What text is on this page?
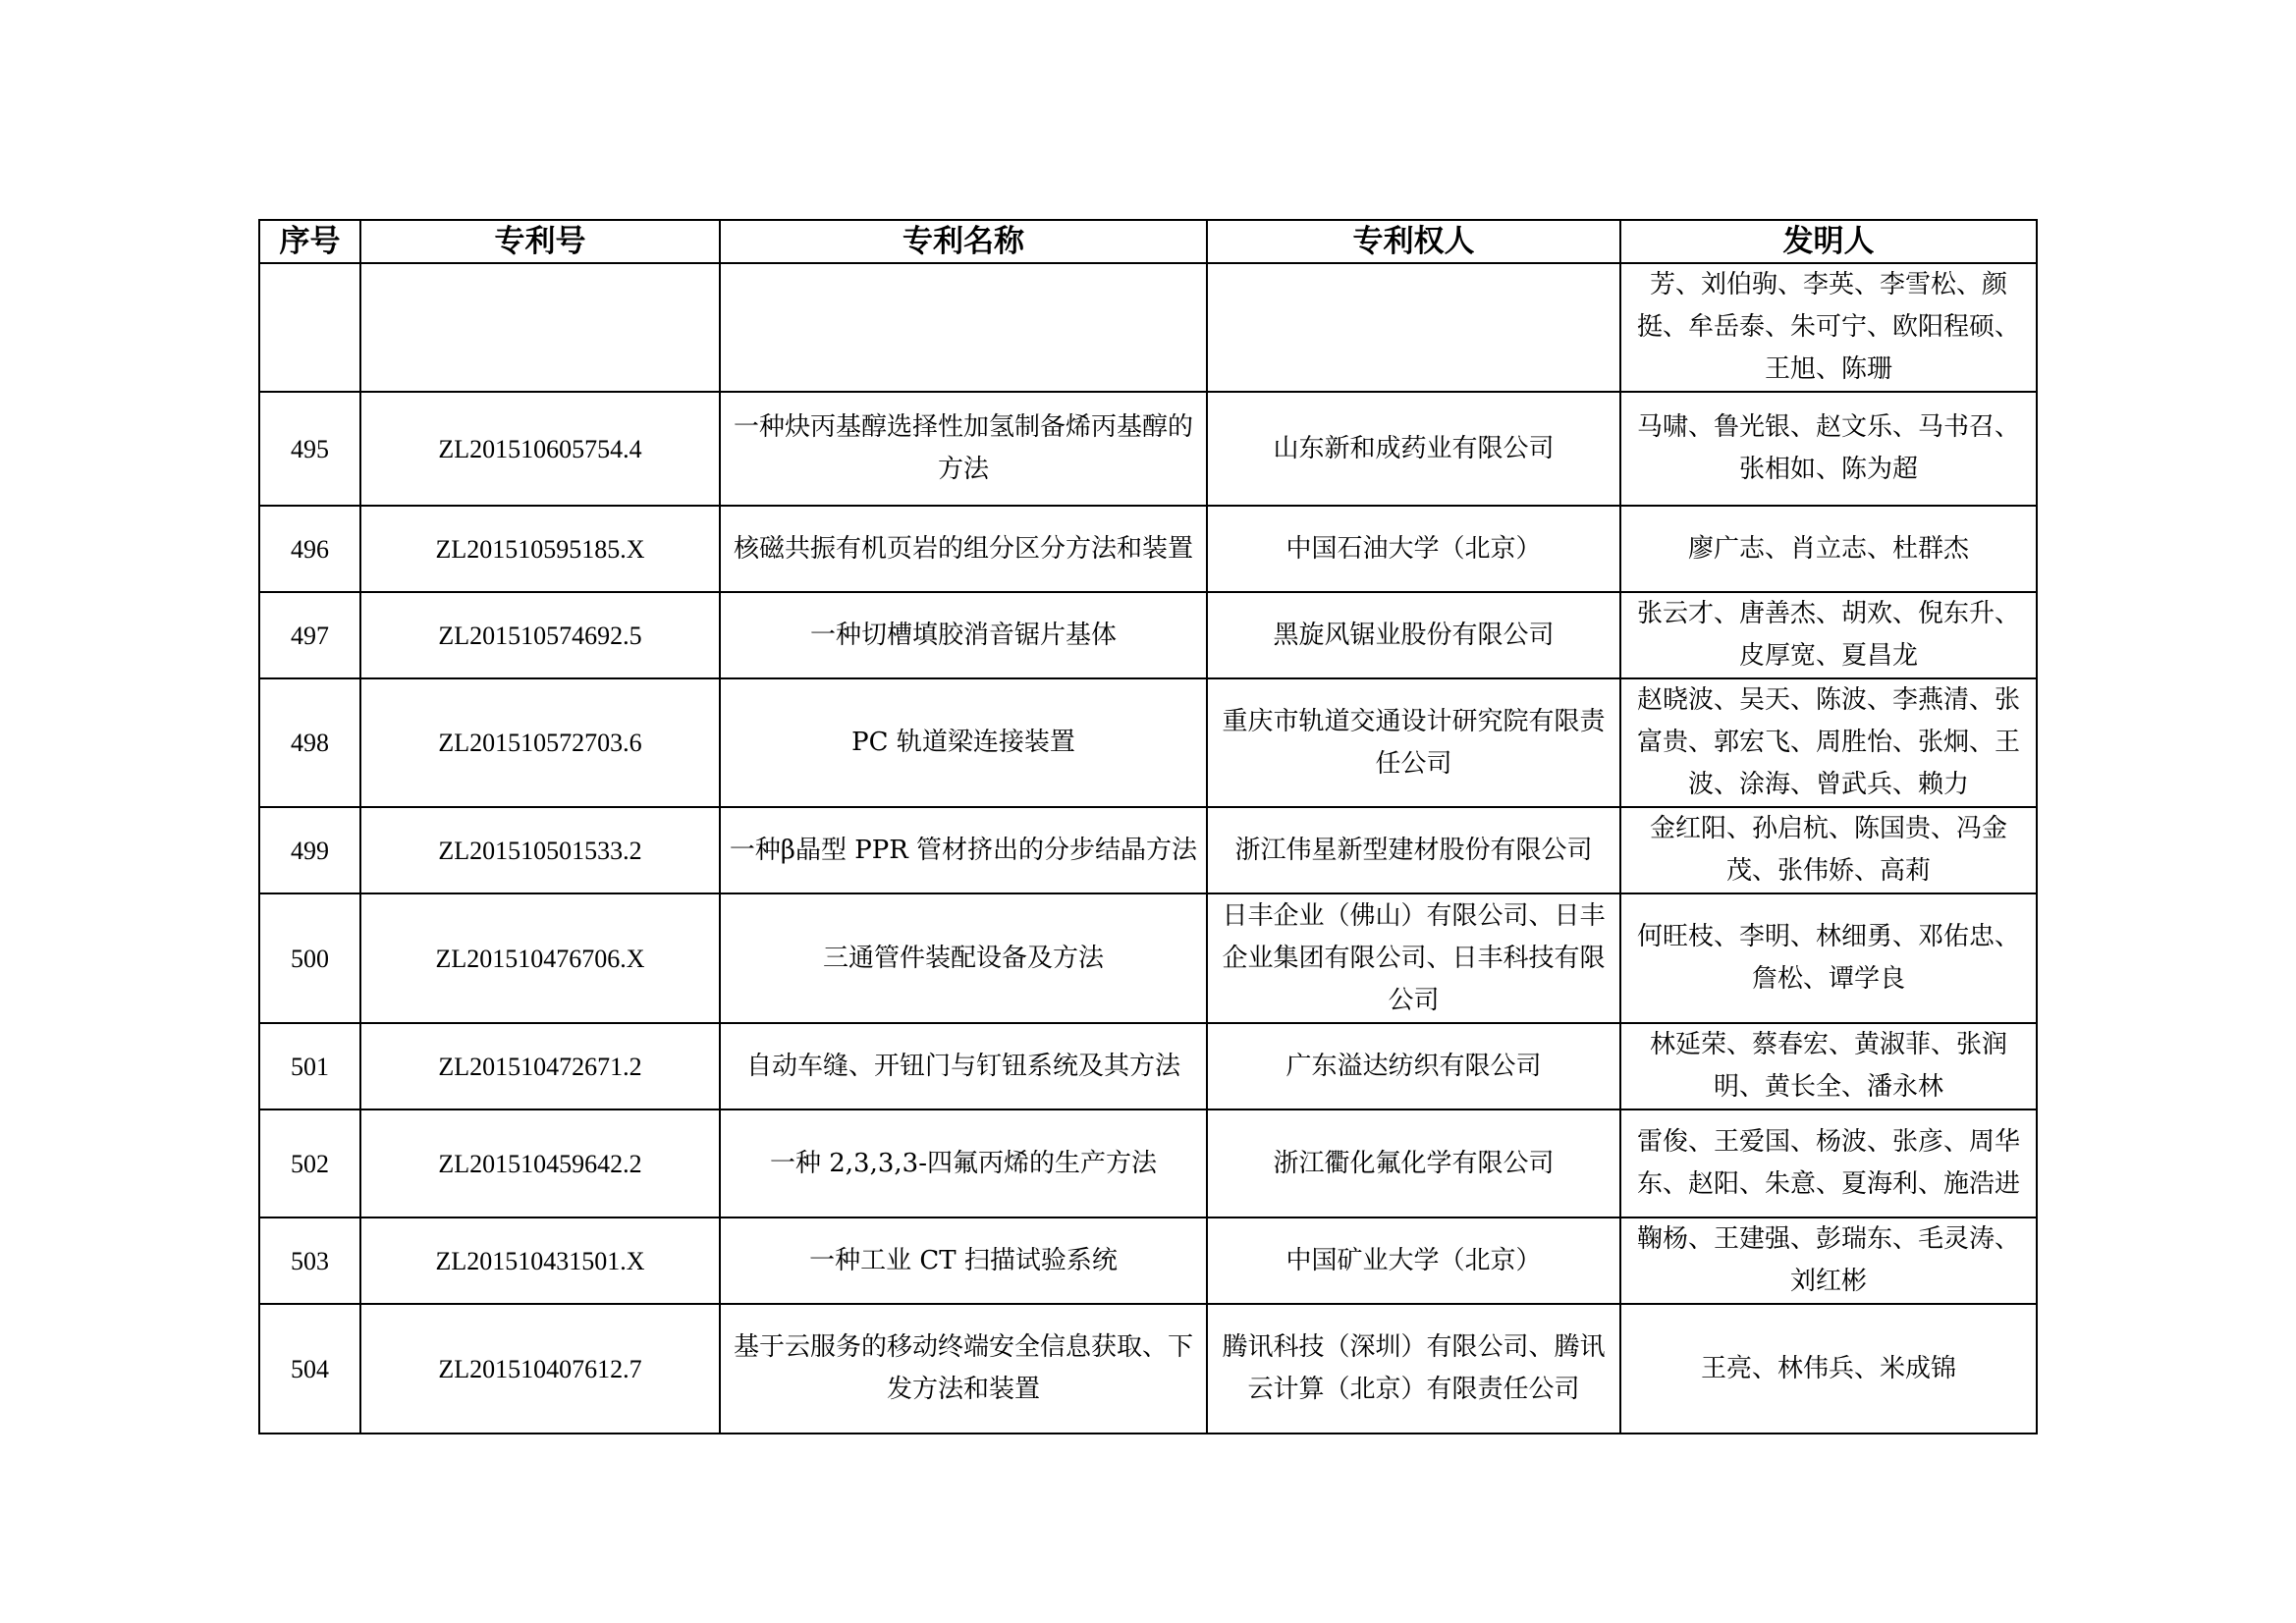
序号	专利号	专利名称	专利权人	发明人
				芳、刘伯驹、李英、李雪松、颜挺、牟岳泰、朱可宁、欧阳程硕、王旭、陈珊
495	ZL201510605754.4	一种炔丙基醇选择性加氢制备烯丙基醇的方法	山东新和成药业有限公司	马啸、鲁光银、赵文乐、马书召、张相如、陈为超
496	ZL201510595185.X	核磁共振有机页岩的组分区分方法和装置	中国石油大学（北京）	廖广志、肖立志、杜群杰
497	ZL201510574692.5	一种切槽填胶消音锯片基体	黑旋风锯业股份有限公司	张云才、唐善杰、胡欢、倪东升、皮厚宽、夏昌龙
498	ZL201510572703.6	PC 轨道梁连接装置	重庆市轨道交通设计研究院有限责任公司	赵晓波、吴天、陈波、李燕清、张富贵、郭宏飞、周胜怡、张炯、王波、涂海、曾武兵、赖力
499	ZL201510501533.2	一种β晶型 PPR 管材挤出的分步结晶方法	浙江伟星新型建材股份有限公司	金红阳、孙启杭、陈国贵、冯金茂、张伟娇、高莉
500	ZL201510476706.X	三通管件装配设备及方法	日丰企业（佛山）有限公司、日丰企业集团有限公司、日丰科技有限公司	何旺枝、李明、林细勇、邓佑忠、詹松、谭学良
501	ZL201510472671.2	自动车缝、开钮门与钉钮系统及其方法	广东溢达纺织有限公司	林延荣、蔡春宏、黄淑菲、张润明、黄长全、潘永林
502	ZL201510459642.2	一种 2,3,3,3-四氟丙烯的生产方法	浙江衢化氟化学有限公司	雷俊、王爱国、杨波、张彦、周华东、赵阳、朱意、夏海利、施浩进
503	ZL201510431501.X	一种工业 CT 扫描试验系统	中国矿业大学（北京）	鞠杨、王建强、彭瑞东、毛灵涛、刘红彬
504	ZL201510407612.7	基于云服务的移动终端安全信息获取、下发方法和装置	腾讯科技（深圳）有限公司、腾讯云计算（北京）有限责任公司	王亮、林伟兵、米成锦
